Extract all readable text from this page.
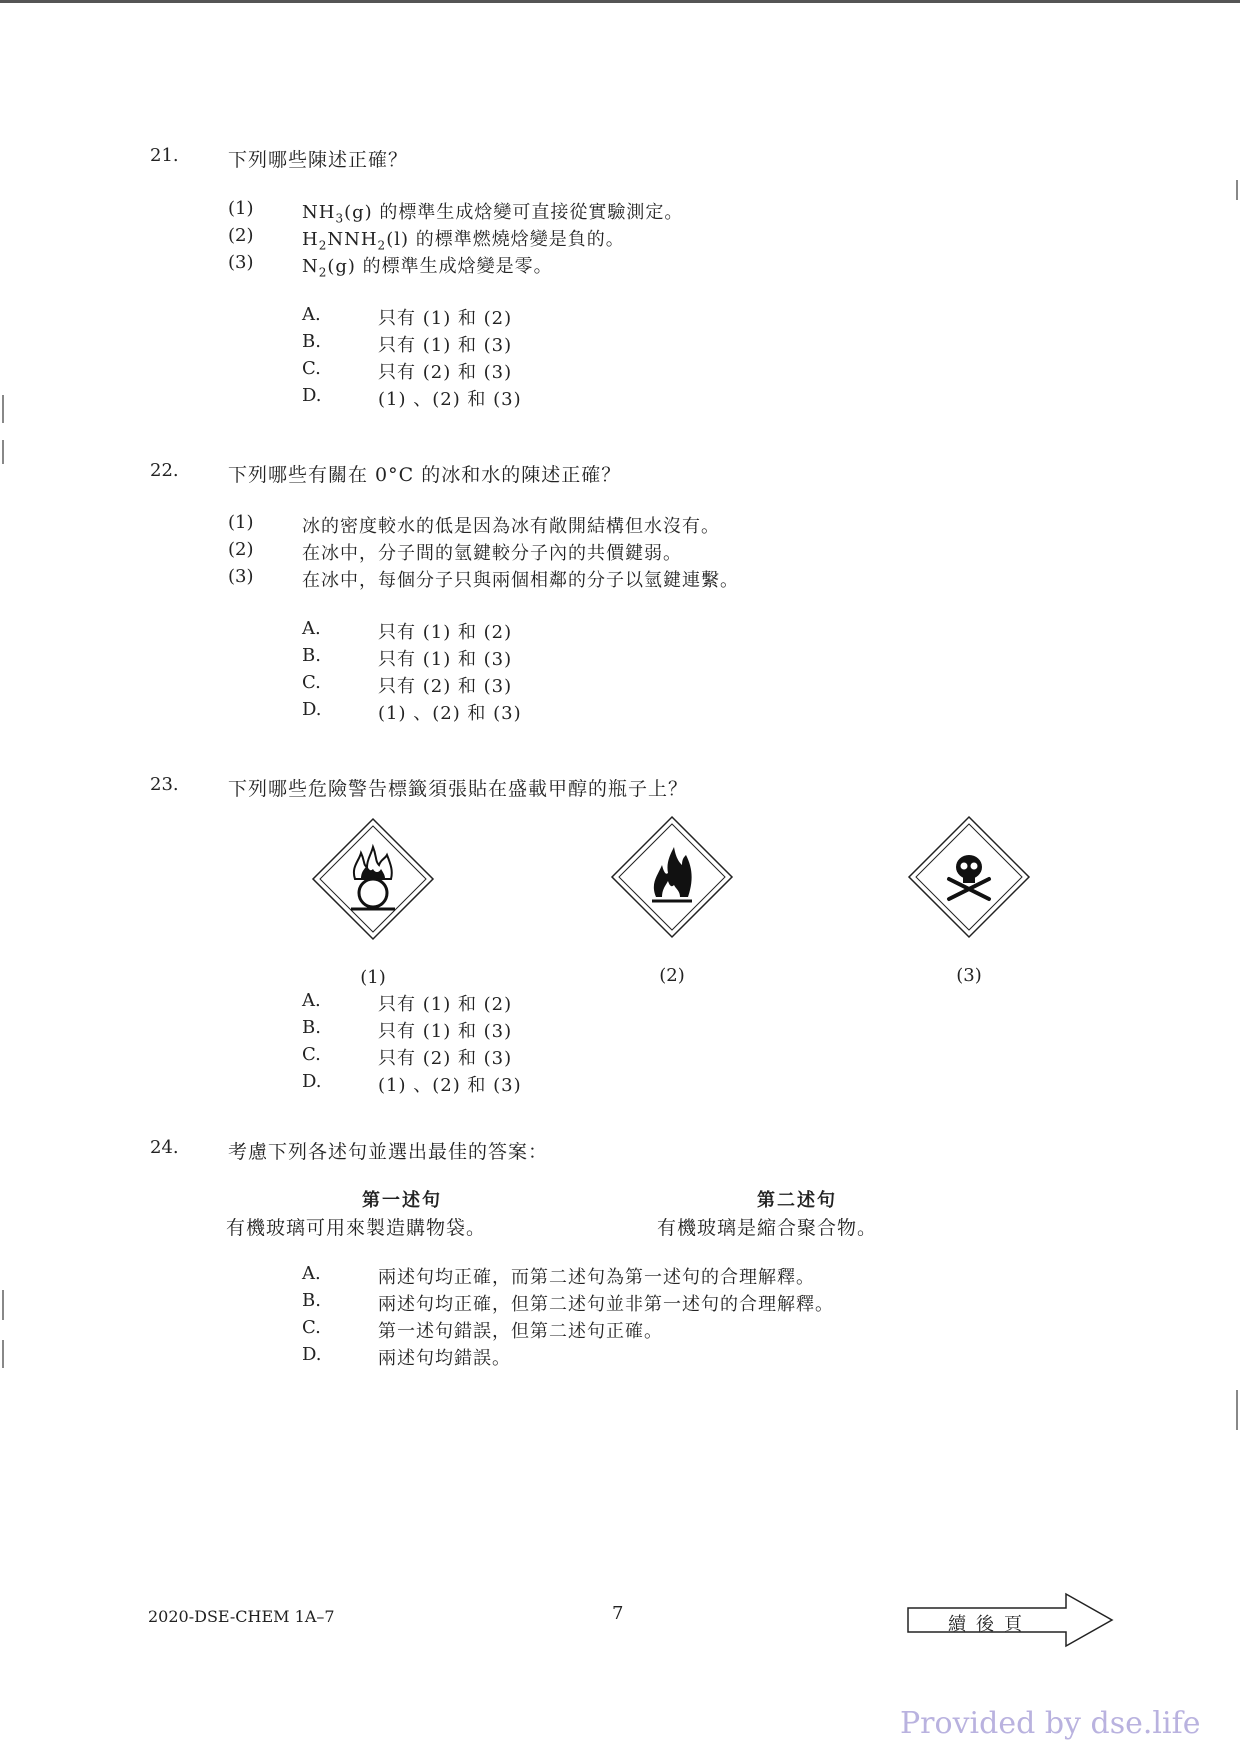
21.	下列哪些陳述正確？
(1)	$NH_3(g)$ 的標準生成焓變可直接從實驗測定。
(2)	$H_2NNH_2(l)$ 的標準燃燒焓變是負的。
(3)	$N_2(g)$ 的標準生成焓變是零。
A.	只有 (1) 和 (2)
B.	只有 (1) 和 (3)
C.	只有 (2) 和 (3)
D.	(1) 、(2) 和 (3)
22.	下列哪些有關在 0°C 的冰和水的陳述正確？
(1)	冰的密度較水的低是因為冰有敞開結構但水沒有。
(2)	在冰中，分子間的氫鍵較分子內的共價鍵弱。
(3)	在冰中，每個分子只與兩個相鄰的分子以氫鍵連繫。
A.	只有 (1) 和 (2)
B.	只有 (1) 和 (3)
C.	只有 (2) 和 (3)
D.	(1) 、(2) 和 (3)
23.	下列哪些危險警告標籤須張貼在盛載甲醇的瓶子上？
(1)	(2)	(3)
A.	只有 (1) 和 (2)
B.	只有 (1) 和 (3)
C.	只有 (2) 和 (3)
D.	(1) 、(2) 和 (3)
24.	考慮下列各述句並選出最佳的答案：
第一述句	第二述句
有機玻璃可用來製造購物袋。	有機玻璃是縮合聚合物。
A.	兩述句均正確，而第二述句為第一述句的合理解釋。
B.	兩述句均正確，但第二述句並非第一述句的合理解釋。
C.	第一述句錯誤，但第二述句正確。
D.	兩述句均錯誤。
2020-DSE-CHEM 1A–7	7
續後頁
Provided by dse.life
